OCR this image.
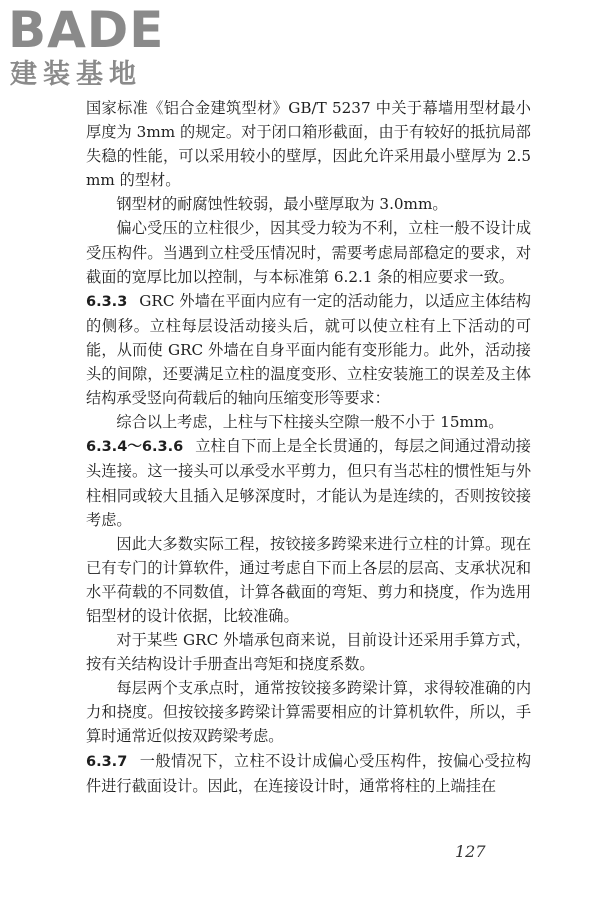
BADE
建装基地

国家标准《铝合金建筑型材》GB/T 5237 中关于幕墙用型材最小厚度为 3mm 的规定。对于闭口箱形截面，由于有较好的抵抗局部失稳的性能，可以采用较小的壁厚，因此允许采用最小壁厚为 2.5mm 的型材。

钢型材的耐腐蚀性较弱，最小壁厚取为 3.0mm。

偏心受压的立柱很少，因其受力较为不利，立柱一般不设计成受压构件。当遇到立柱受压情况时，需要考虑局部稳定的要求，对截面的宽厚比加以控制，与本标准第 6.2.1 条的相应要求一致。

6.3.3 GRC 外墙在平面内应有一定的活动能力，以适应主体结构的侧移。立柱每层设活动接头后，就可以使立柱有上下活动的可能，从而使 GRC 外墙在自身平面内能有变形能力。此外，活动接头的间隙，还要满足立柱的温度变形、立柱安装施工的误差及主体结构承受竖向荷载后的轴向压缩变形等要求：

综合以上考虑，上柱与下柱接头空隙一般不小于 15mm。

6.3.4～6.3.6 立柱自下而上是全长贯通的，每层之间通过滑动接头连接。这一接头可以承受水平剪力，但只有当芯柱的惯性矩与外柱相同或较大且插入足够深度时，才能认为是连续的，否则按铰接考虑。

因此大多数实际工程，按铰接多跨梁来进行立柱的计算。现在已有专门的计算软件，通过考虑自下而上各层的层高、支承状况和水平荷载的不同数值，计算各截面的弯矩、剪力和挠度，作为选用铝型材的设计依据，比较准确。

对于某些 GRC 外墙承包商来说，目前设计还采用手算方式，按有关结构设计手册查出弯矩和挠度系数。

每层两个支承点时，通常按铰接多跨梁计算，求得较准确的内力和挠度。但按铰接多跨梁计算需要相应的计算机软件，所以，手算时通常近似按双跨梁考虑。

6.3.7 一般情况下，立柱不设计成偏心受压构件，按偏心受拉构件进行截面设计。因此，在连接设计时，通常将柱的上端挂在

127
